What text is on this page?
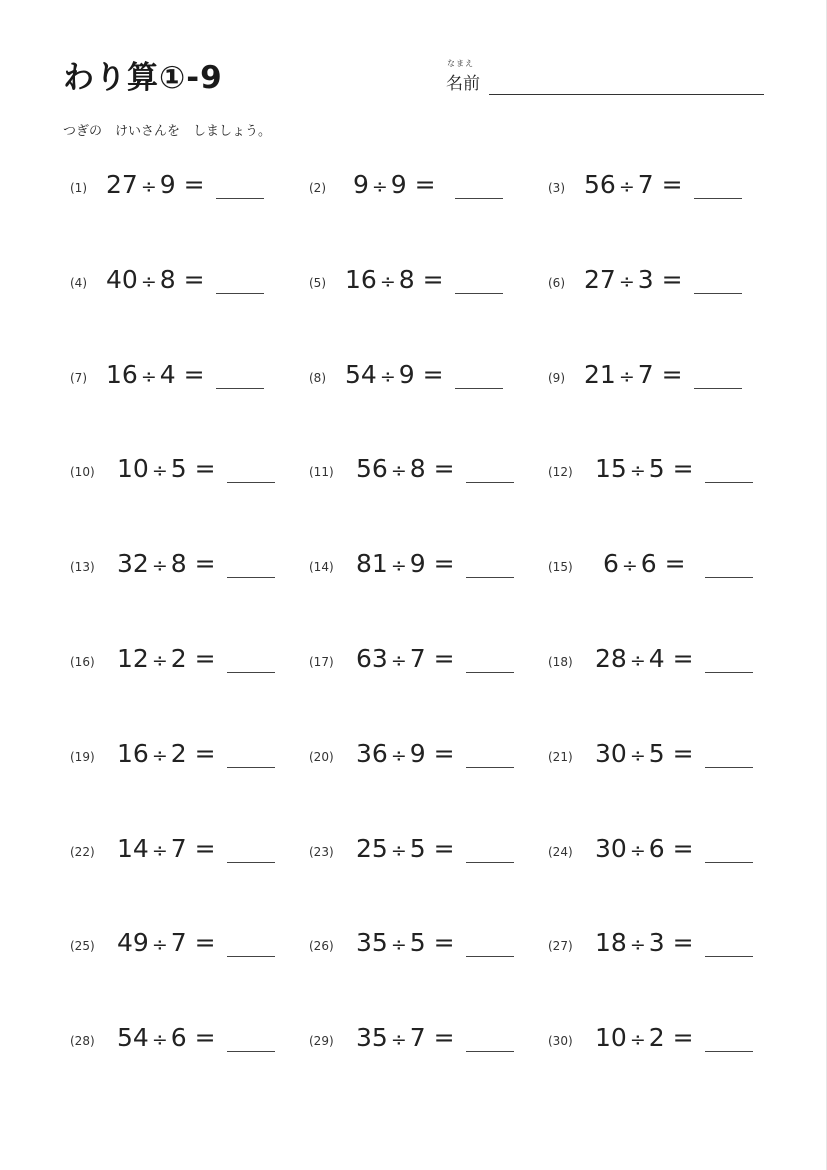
わり算①-9	なまえ
名前
つぎの　けいさんを　しましょう。
(1) 27 ÷ 9 =	(2) 9 ÷ 9 =	(3) 56 ÷ 7 =
(4) 40 ÷ 8 =	(5) 16 ÷ 8 =	(6) 27 ÷ 3 =
(7) 16 ÷ 4 =	(8) 54 ÷ 9 =	(9) 21 ÷ 7 =
(10) 10 ÷ 5 =	(11) 56 ÷ 8 =	(12) 15 ÷ 5 =
(13) 32 ÷ 8 =	(14) 81 ÷ 9 =	(15) 6 ÷ 6 =
(16) 12 ÷ 2 =	(17) 63 ÷ 7 =	(18) 28 ÷ 4 =
(19) 16 ÷ 2 =	(20) 36 ÷ 9 =	(21) 30 ÷ 5 =
(22) 14 ÷ 7 =	(23) 25 ÷ 5 =	(24) 30 ÷ 6 =
(25) 49 ÷ 7 =	(26) 35 ÷ 5 =	(27) 18 ÷ 3 =
(28) 54 ÷ 6 =	(29) 35 ÷ 7 =	(30) 10 ÷ 2 =
